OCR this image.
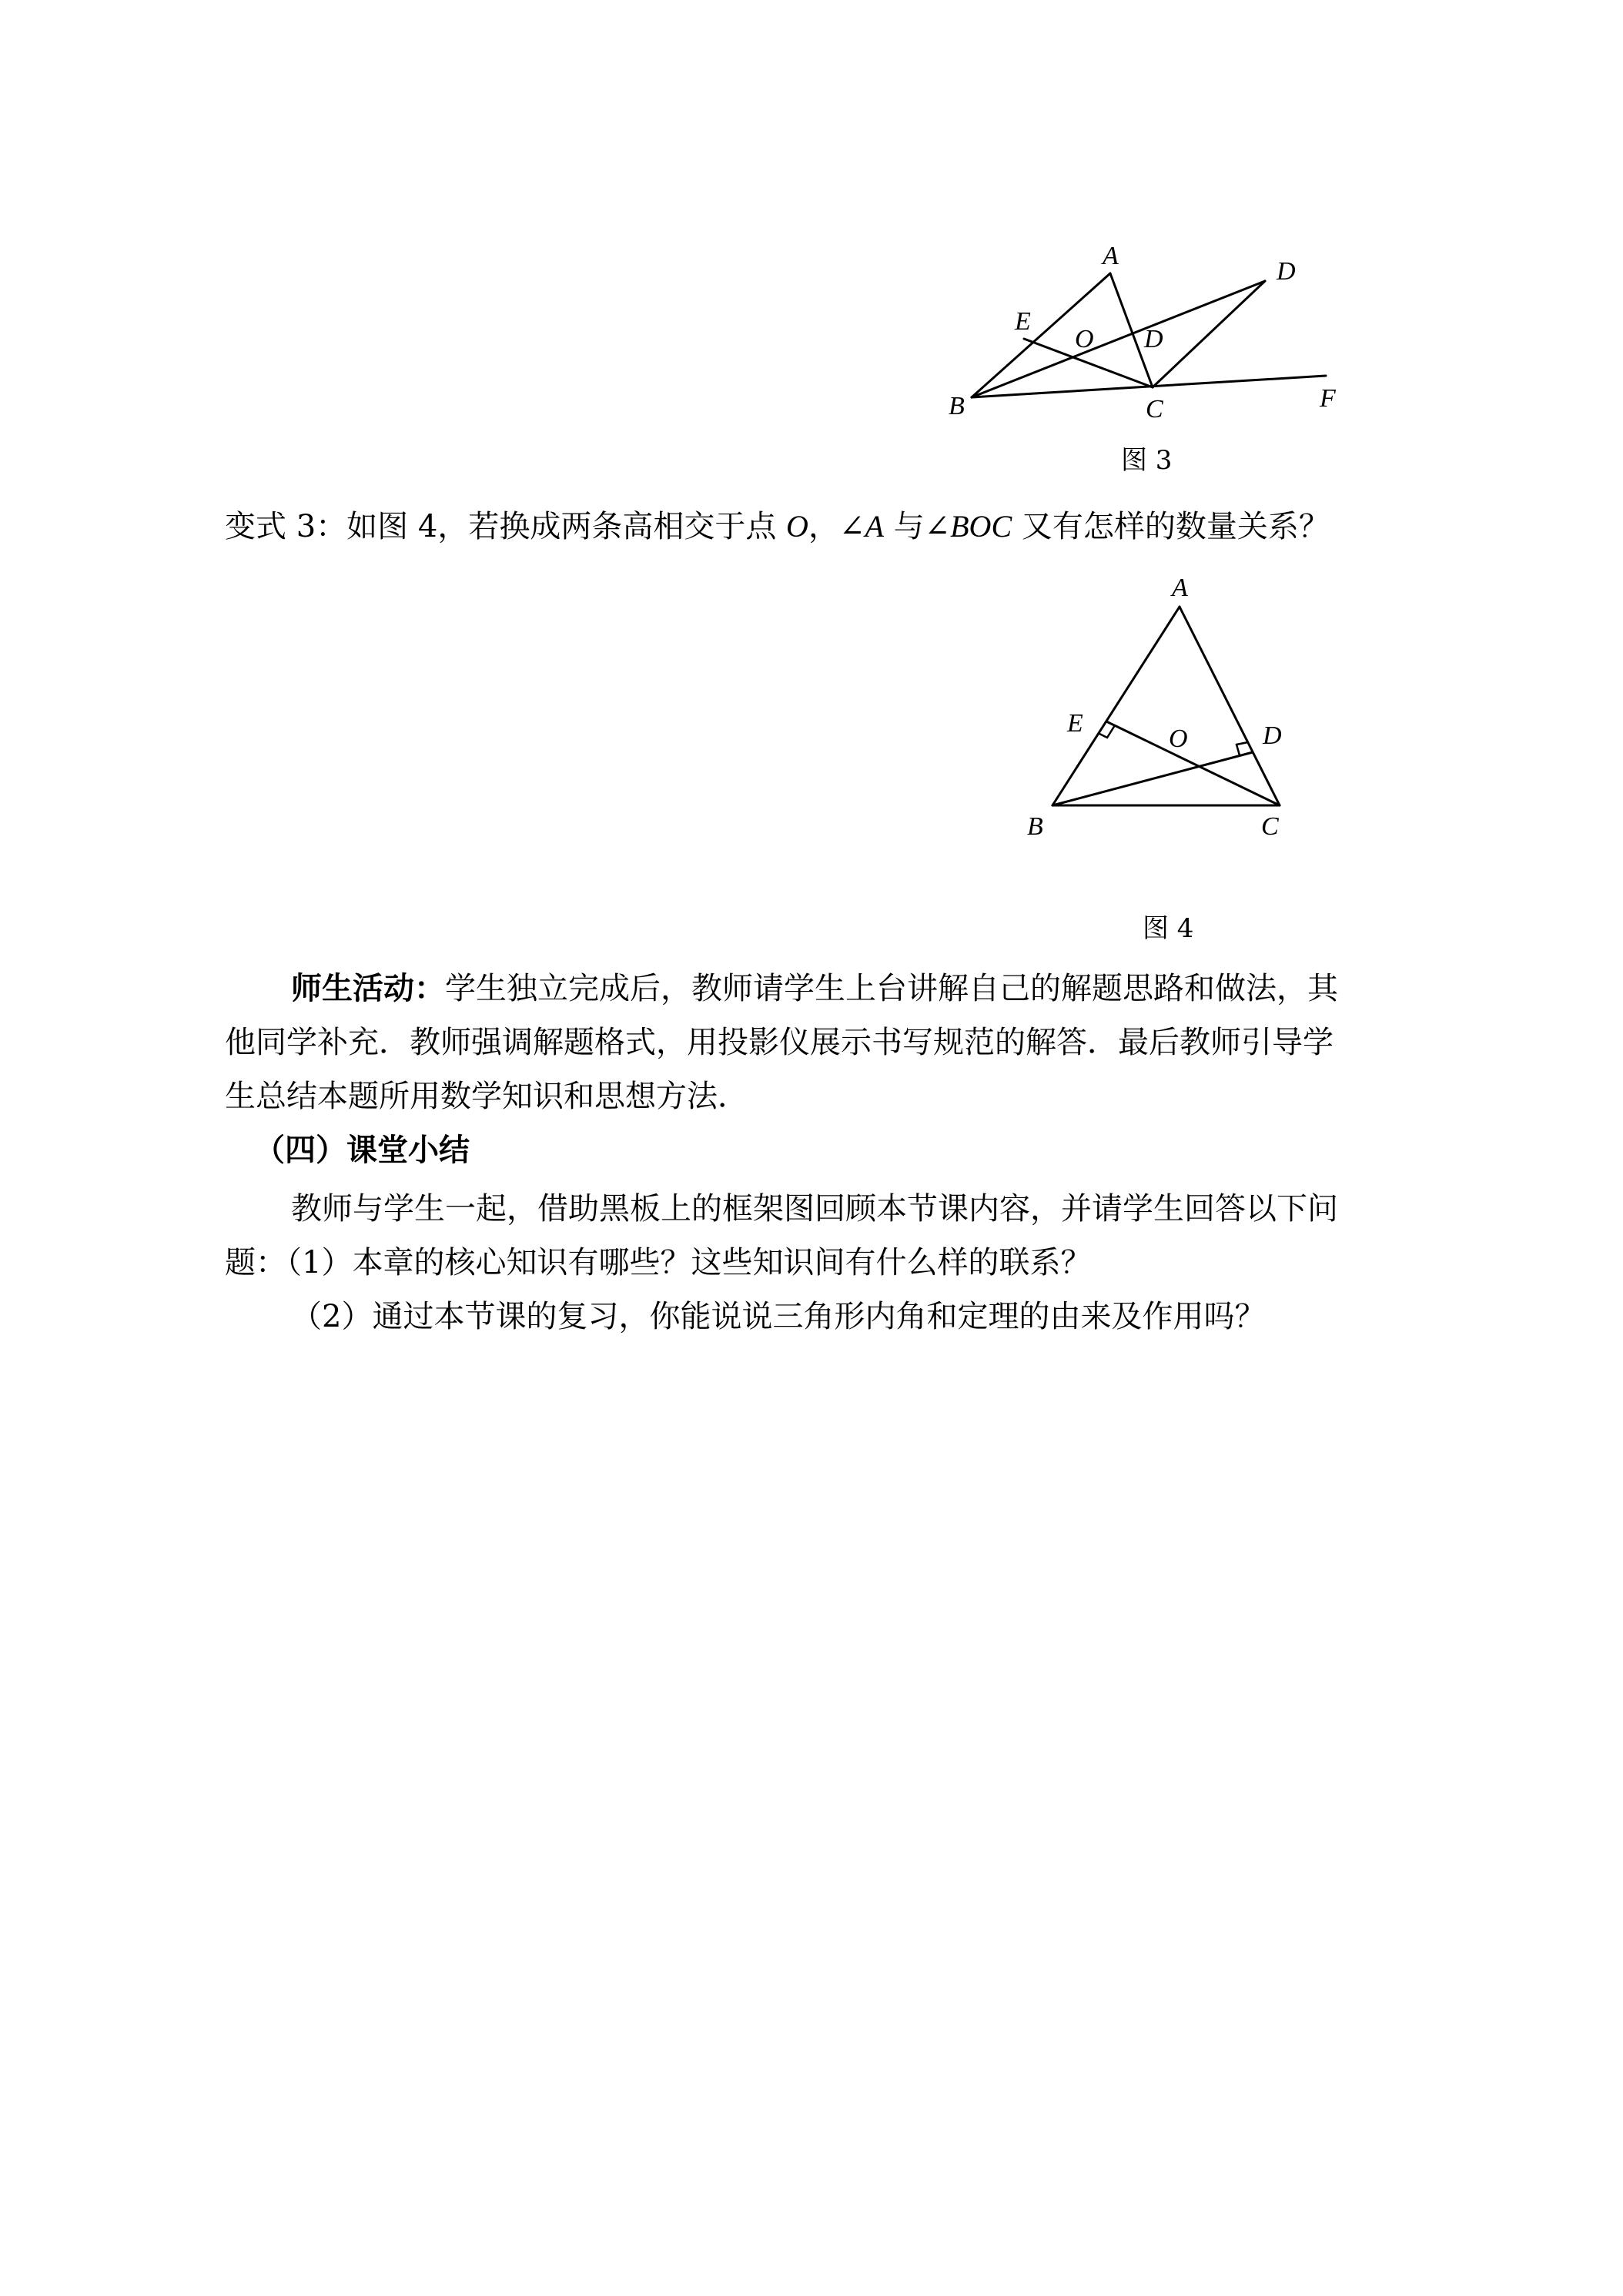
A
D
E
O D
B	C	F
图 3
变式 3：如图 4，若换成两条高相交于点 O，∠A 与∠BOC 又有怎样的数量关系？
A
E
O	D
B	C
图 4
师生活动：学生独立完成后，教师请学生上台讲解自己的解题思路和做法，其
他同学补充．教师强调解题格式，用投影仪展示书写规范的解答．最后教师引导学
生总结本题所用数学知识和思想方法．
（四）课堂小结
教师与学生一起，借助黑板上的框架图回顾本节课内容，并请学生回答以下问
题：（1）本章的核心知识有哪些？这些知识间有什么样的联系？
（2）通过本节课的复习，你能说说三角形内角和定理的由来及作用吗？
